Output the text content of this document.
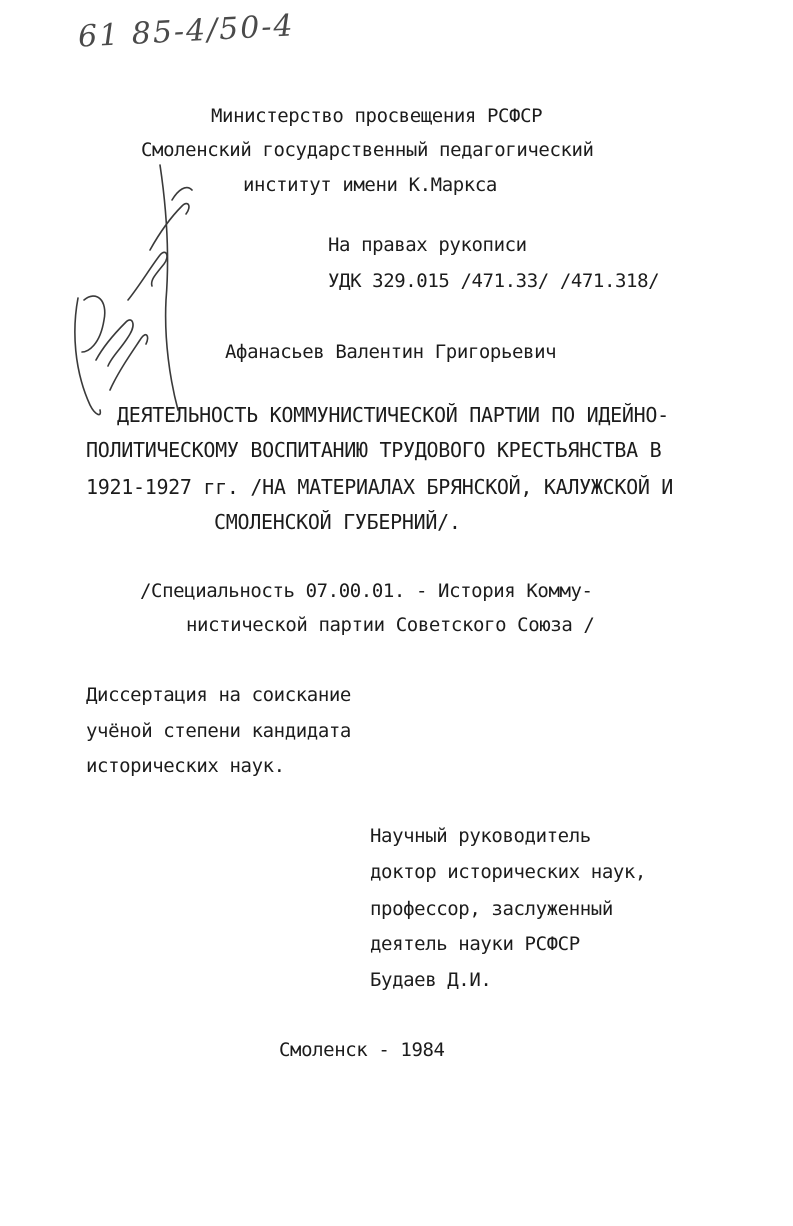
61 85-4/50-4
Министерство просвещения РСФСР
Смоленский государственный педагогический
институт имени К.Маркса
На правах рукописи
УДК 329.015 /471.33/ /471.318/
Афанасьев Валентин Григорьевич
ДЕЯТЕЛЬНОСТЬ КОММУНИСТИЧЕСКОЙ ПАРТИИ ПО ИДЕЙНО-
ПОЛИТИЧЕСКОМУ ВОСПИТАНИЮ ТРУДОВОГО КРЕСТЬЯНСТВА В
1921-1927 гг. /НА МАТЕРИАЛАХ БРЯНСКОЙ, КАЛУЖСКОЙ И
СМОЛЕНСКОЙ ГУБЕРНИЙ/.
/Специальность 07.00.01. - История Комму-
нистической партии Советского Союза /
Диссертация на соискание
учёной степени кандидата
исторических наук.
Научный руководитель
доктор исторических наук,
профессор, заслуженный
деятель науки РСФСР
Будаев Д.И.
Смоленск - 1984
